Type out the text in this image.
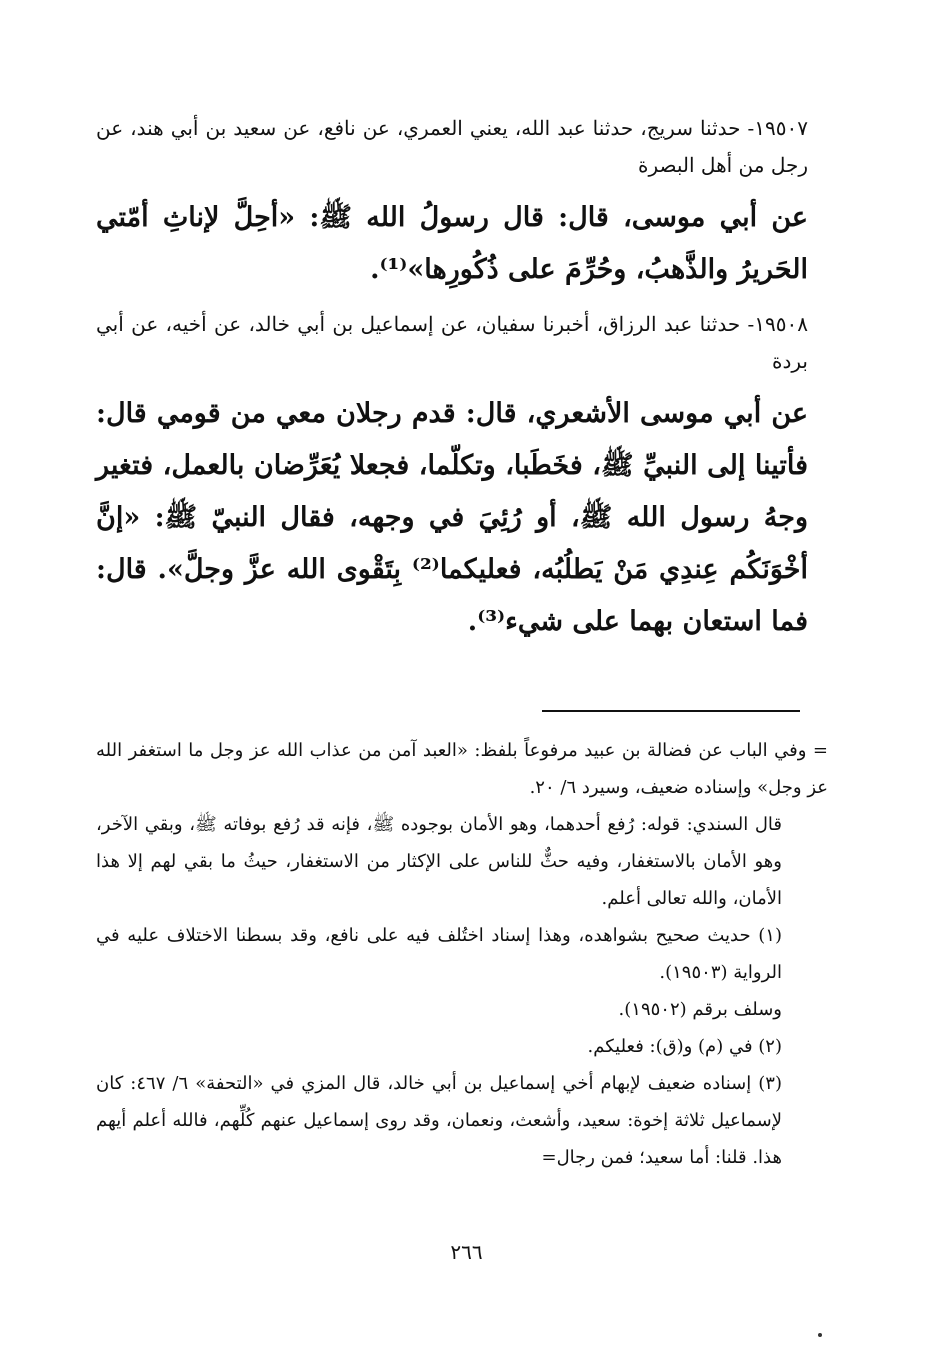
١٩٥٠٧- حدثنا سريج، حدثنا عبد الله، يعني العمري، عن نافع، عن سعيد بن أبي هند، عن رجل من أهل البصرة

عن أبي موسى، قال: قال رسولُ الله ﷺ: «أحِلَّ لإناثِ أمّتي الحَريرُ والذَّهبُ، وحُرِّمَ على ذُكُورِها»⁽¹⁾.

١٩٥٠٨- حدثنا عبد الرزاق، أخبرنا سفيان، عن إسماعيل بن أبي خالد، عن أخيه، عن أبي بردة

عن أبي موسى الأشعري، قال: قدم رجلان معي من قومي قال: فأتينا إلى النبيِّ ﷺ، فخَطَبا، وتكلّما، فجعلا يُعَرِّضان بالعمل، فتغير وجهُ رسول الله ﷺ، أو رُئِيَ في وجهه، فقال النبيّ ﷺ: «إنَّ أخْوَنَكُم عِندِي مَنْ يَطلُبُه، فعليكما⁽²⁾ بِتَقْوى الله عزَّ وجلَّ». قال: فما استعان بهما على شيء⁽³⁾.

= وفي الباب عن فضالة بن عبيد مرفوعاً بلفظ: «العبد آمن من عذاب الله عز وجل ما استغفر الله عز وجل» وإسناده ضعيف، وسيرد ٦/ ٢٠.

قال السندي: قوله: رُفع أحدهما، وهو الأمان بوجوده ﷺ، فإنه قد رُفع بوفاته ﷺ، وبقي الآخر، وهو الأمان بالاستغفار، وفيه حثٌّ للناس على الإكثار من الاستغفار، حيثُ ما بقي لهم إلا هذا الأمان، والله تعالى أعلم.

(١) حديث صحيح بشواهده، وهذا إسناد اختُلف فيه على نافع، وقد بسطنا الاختلاف عليه في الرواية (١٩٥٠٣).

وسلف برقم (١٩٥٠٢).

(٢) في (م) و(ق): فعليكم.

(٣) إسناده ضعيف لإبهام أخي إسماعيل بن أبي خالد، قال المزي في «التحفة» ٦/ ٤٦٧: كان لإسماعيل ثلاثة إخوة: سعيد، وأشعث، ونعمان، وقد روى إسماعيل عنهم كُلِّهم، فالله أعلم أيهم هذا. قلنا: أما سعيد؛ فمن رجال=

٢٦٦
